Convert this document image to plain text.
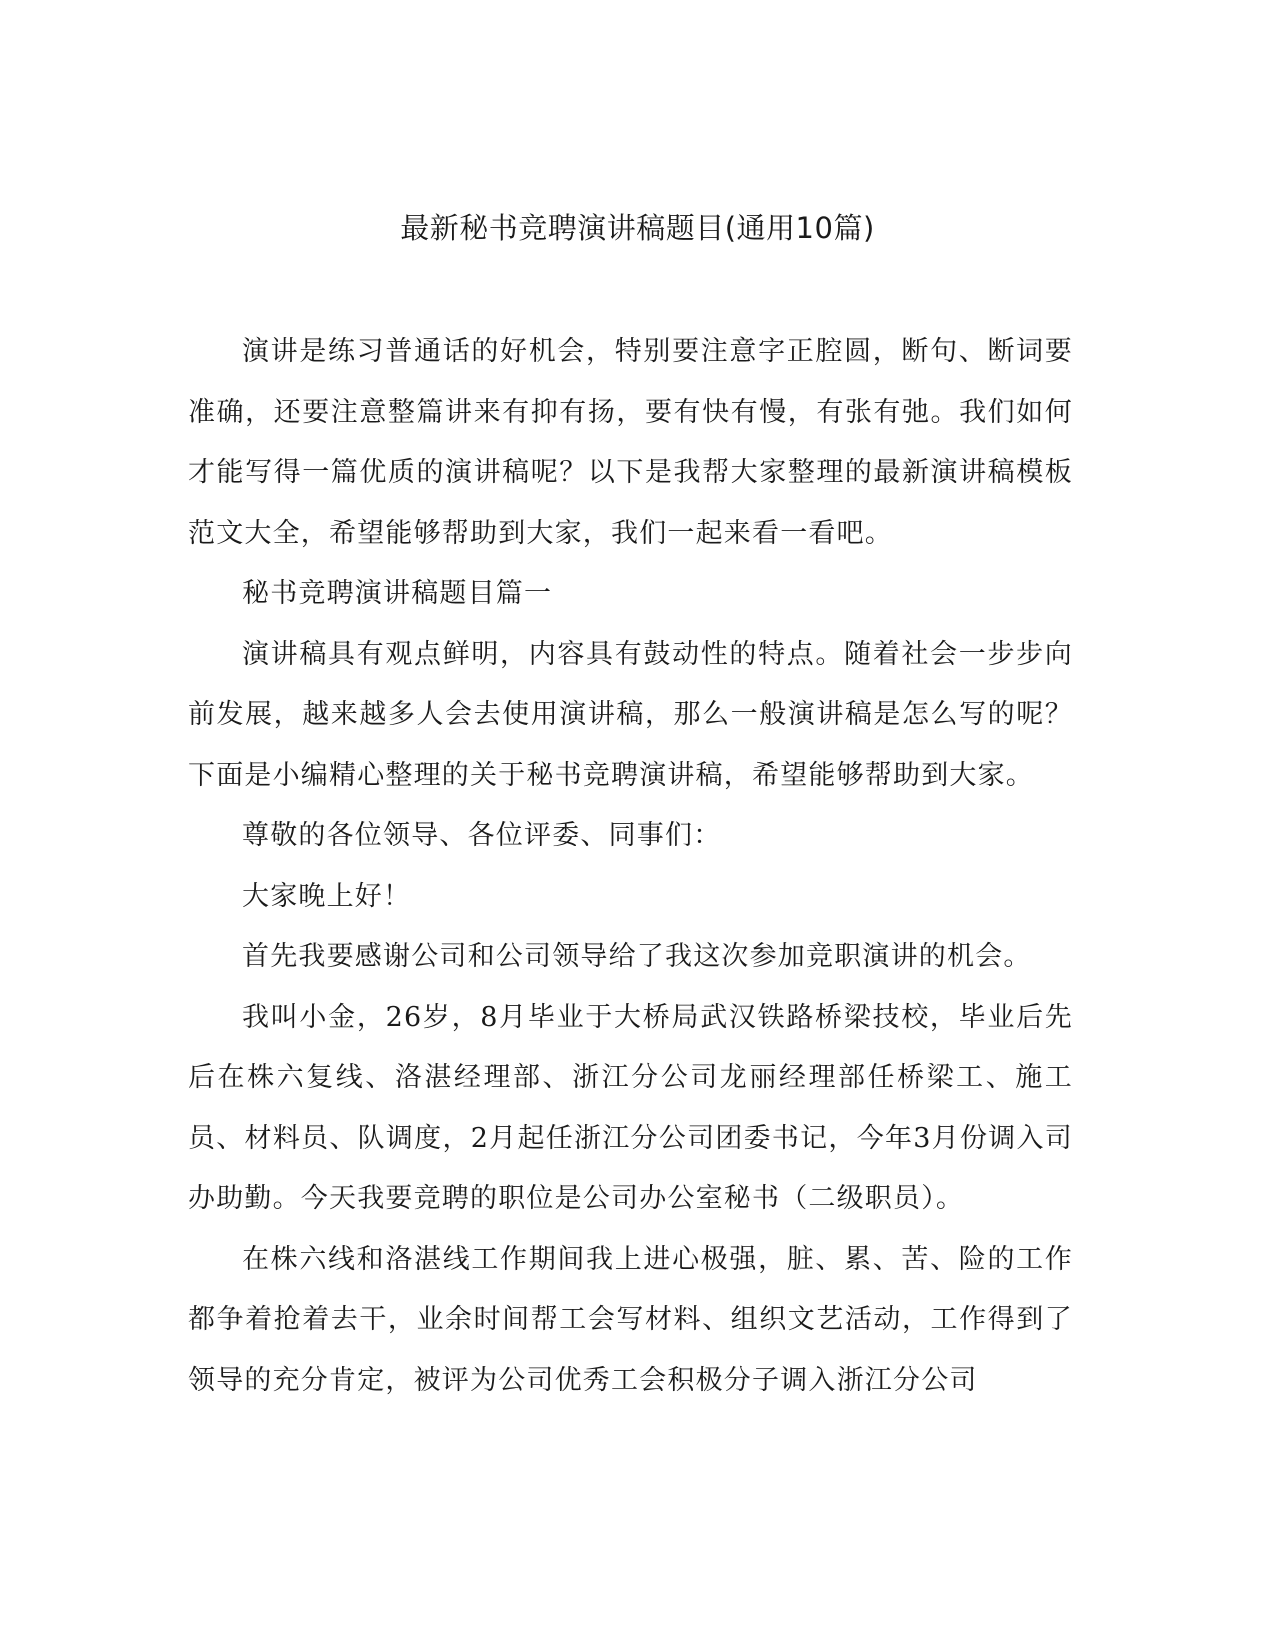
最新秘书竞聘演讲稿题目(通用10篇)

演讲是练习普通话的好机会，特别要注意字正腔圆，断句、断词要准确，还要注意整篇讲来有抑有扬，要有快有慢，有张有弛。我们如何才能写得一篇优质的演讲稿呢？以下是我帮大家整理的最新演讲稿模板范文大全，希望能够帮助到大家，我们一起来看一看吧。

秘书竞聘演讲稿题目篇一

演讲稿具有观点鲜明，内容具有鼓动性的特点。随着社会一步步向前发展，越来越多人会去使用演讲稿，那么一般演讲稿是怎么写的呢？下面是小编精心整理的关于秘书竞聘演讲稿，希望能够帮助到大家。

尊敬的各位领导、各位评委、同事们：

大家晚上好！

首先我要感谢公司和公司领导给了我这次参加竞职演讲的机会。

我叫小金，26岁，8月毕业于大桥局武汉铁路桥梁技校，毕业后先后在株六复线、洛湛经理部、浙江分公司龙丽经理部任桥梁工、施工员、材料员、队调度，2月起任浙江分公司团委书记，今年3月份调入司办助勤。今天我要竞聘的职位是公司办公室秘书（二级职员）。

在株六线和洛湛线工作期间我上进心极强，脏、累、苦、险的工作都争着抢着去干，业余时间帮工会写材料、组织文艺活动，工作得到了领导的充分肯定，被评为公司优秀工会积极分子调入浙江分公司
